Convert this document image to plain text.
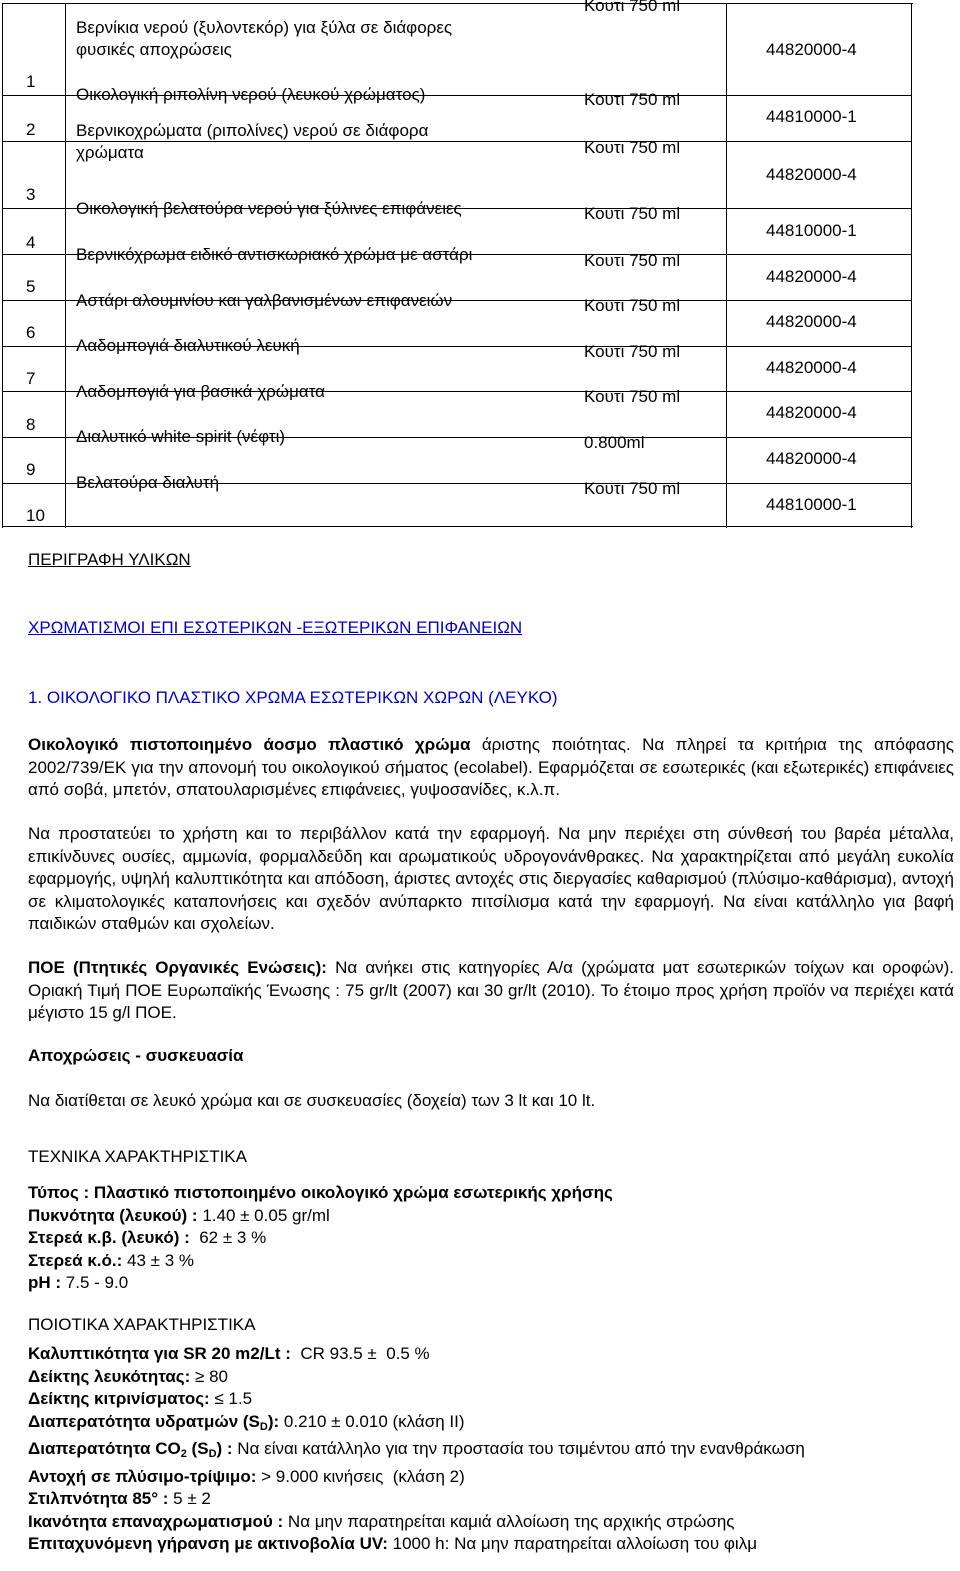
1
Βερνίκια νερού (ξυλοντεκόρ) για ξύλα σε διάφορες
φυσικές αποχρώσεις
Κουτι 750 ml
44820000-4
2
Οικολογική ριπολίνη νερού (λευκού χρώματος)	Κουτι 750 ml
44810000-1
3
Βερνικοχρώματα (ριπολίνες) νερού σε διάφορα
χρώματα	Κουτι 750 ml
44820000-4
4
Οικολογική βελατούρα νερού για ξύλινες επιφάνειες	Κουτι 750 ml
44810000-1
5
Βερνικόχρωμα ειδικό αντισκωριακό χρώμα με αστάρι	Κουτι 750 ml
44820000-4
6
Αστάρι αλουμινίου και γαλβανισμένων επιφανειών	Κουτι 750 ml
44820000-4
7
Λαδομπογιά διαλυτικού λευκή	Κουτι 750 ml
44820000-4
8
Λαδομπογιά για βασικά χρώματα	Κουτι 750 ml
44820000-4
9
Διαλυτικό white spirit (νέφτι)	0.800ml
44820000-4
10
Βελατούρα διαλυτή	Κουτι 750 ml
44810000-1
ΠΕΡΙΓΡΑΦΗ ΥΛΙΚΩΝ
ΧΡΩΜΑΤΙΣΜΟΙ ΕΠΙ ΕΣΩΤΕΡΙΚΩΝ -ΕΞΩΤΕΡΙΚΩΝ ΕΠΙΦΑΝΕΙΩΝ
1. ΟΙΚΟΛΟΓΙΚΟ ΠΛΑΣΤΙΚΟ ΧΡΩΜΑ ΕΣΩΤΕΡΙΚΩΝ ΧΩΡΩΝ (ΛΕΥΚΟ)

Οικολογικό πιστοποιημένο άοσμο πλαστικό χρώμα άριστης ποιότητας. Να πληρεί τα κριτήρια της απόφασης 2002/739/ΕΚ για την απονομή του οικολογικού σήματος (ecolabel). Εφαρμόζεται σε εσωτερικές (και εξωτερικές) επιφάνειες από σοβά, μπετόν, σπατουλαρισμένες επιφάνειες, γυψοσανίδες, κ.λ.π.

Να προστατεύει το χρήστη και το περιβάλλον κατά την εφαρμογή. Να μην περιέχει στη σύνθεσή του βαρέα μέταλλα, επικίνδυνες ουσίες, αμμωνία, φορμαλδεΰδη και αρωματικούς υδρογονάνθρακες. Να χαρακτηρίζεται από μεγάλη ευκολία εφαρμογής, υψηλή καλυπτικότητα και απόδοση, άριστες αντοχές στις διεργασίες καθαρισμού (πλύσιμο-καθάρισμα), αντοχή σε κλιματολογικές καταπονήσεις και σχεδόν ανύπαρκτο πιτσίλισμα κατά την εφαρμογή. Να είναι κατάλληλο για βαφή παιδικών σταθμών και σχολείων.

ΠΟΕ (Πτητικές Οργανικές Ενώσεις): Να ανήκει στις κατηγορίες Α/α (χρώματα ματ εσωτερικών τοίχων και οροφών). Οριακή Τιμή ΠΟΕ Ευρωπαϊκής Ένωσης : 75 gr/lt (2007) και 30 gr/lt (2010). Το έτοιμο προς χρήση προϊόν να περιέχει κατά μέγιστο 15 g/l ΠΟΕ.

Αποχρώσεις - συσκευασία
Να διατίθεται σε λευκό χρώμα και σε συσκευασίες (δοχεία) των 3 lt και 10 lt.
ΤΕΧΝΙΚΑ ΧΑΡΑΚΤΗΡΙΣΤΙΚΑ
Τύπος : Πλαστικό πιστοποιημένο οικολογικό χρώμα εσωτερικής χρήσης
Πυκνότητα (λευκού) : 1.40 ± 0.05 gr/ml
Στερεά κ.β. (λευκό) :  62 ± 3 %
Στερεά κ.ό.: 43 ± 3 %
pH : 7.5 - 9.0
ΠΟΙΟΤΙΚΑ ΧΑΡΑΚΤΗΡΙΣΤΙΚΑ
Καλυπτικότητα για SR 20 m2/Lt :  CR 93.5 ±  0.5 %
Δείκτης λευκότητας: ≥ 80
Δείκτης κιτρινίσματος: ≤ 1.5
Διαπερατότητα υδρατμών $(S_D)$: 0.210 ± 0.010 (κλάση ΙΙ)

Διαπερατότητα $CO_2$ $(S_D)$ : Να είναι κατάλληλο για την προστασία του τσιμέντου από την ενανθράκωση

Αντοχή σε πλύσιμο-τρίψιμο: > 9.000 κινήσεις  (κλάση 2)
Στιλπνότητα 85° : 5 ± 2
Ικανότητα επαναχρωματισμού : Να μην παρατηρείται καμιά αλλοίωση της αρχικής στρώσης
Επιταχυνόμενη γήρανση με ακτινοβολία UV: 1000 h: Να μην παρατηρείται αλλοίωση του φιλμ
